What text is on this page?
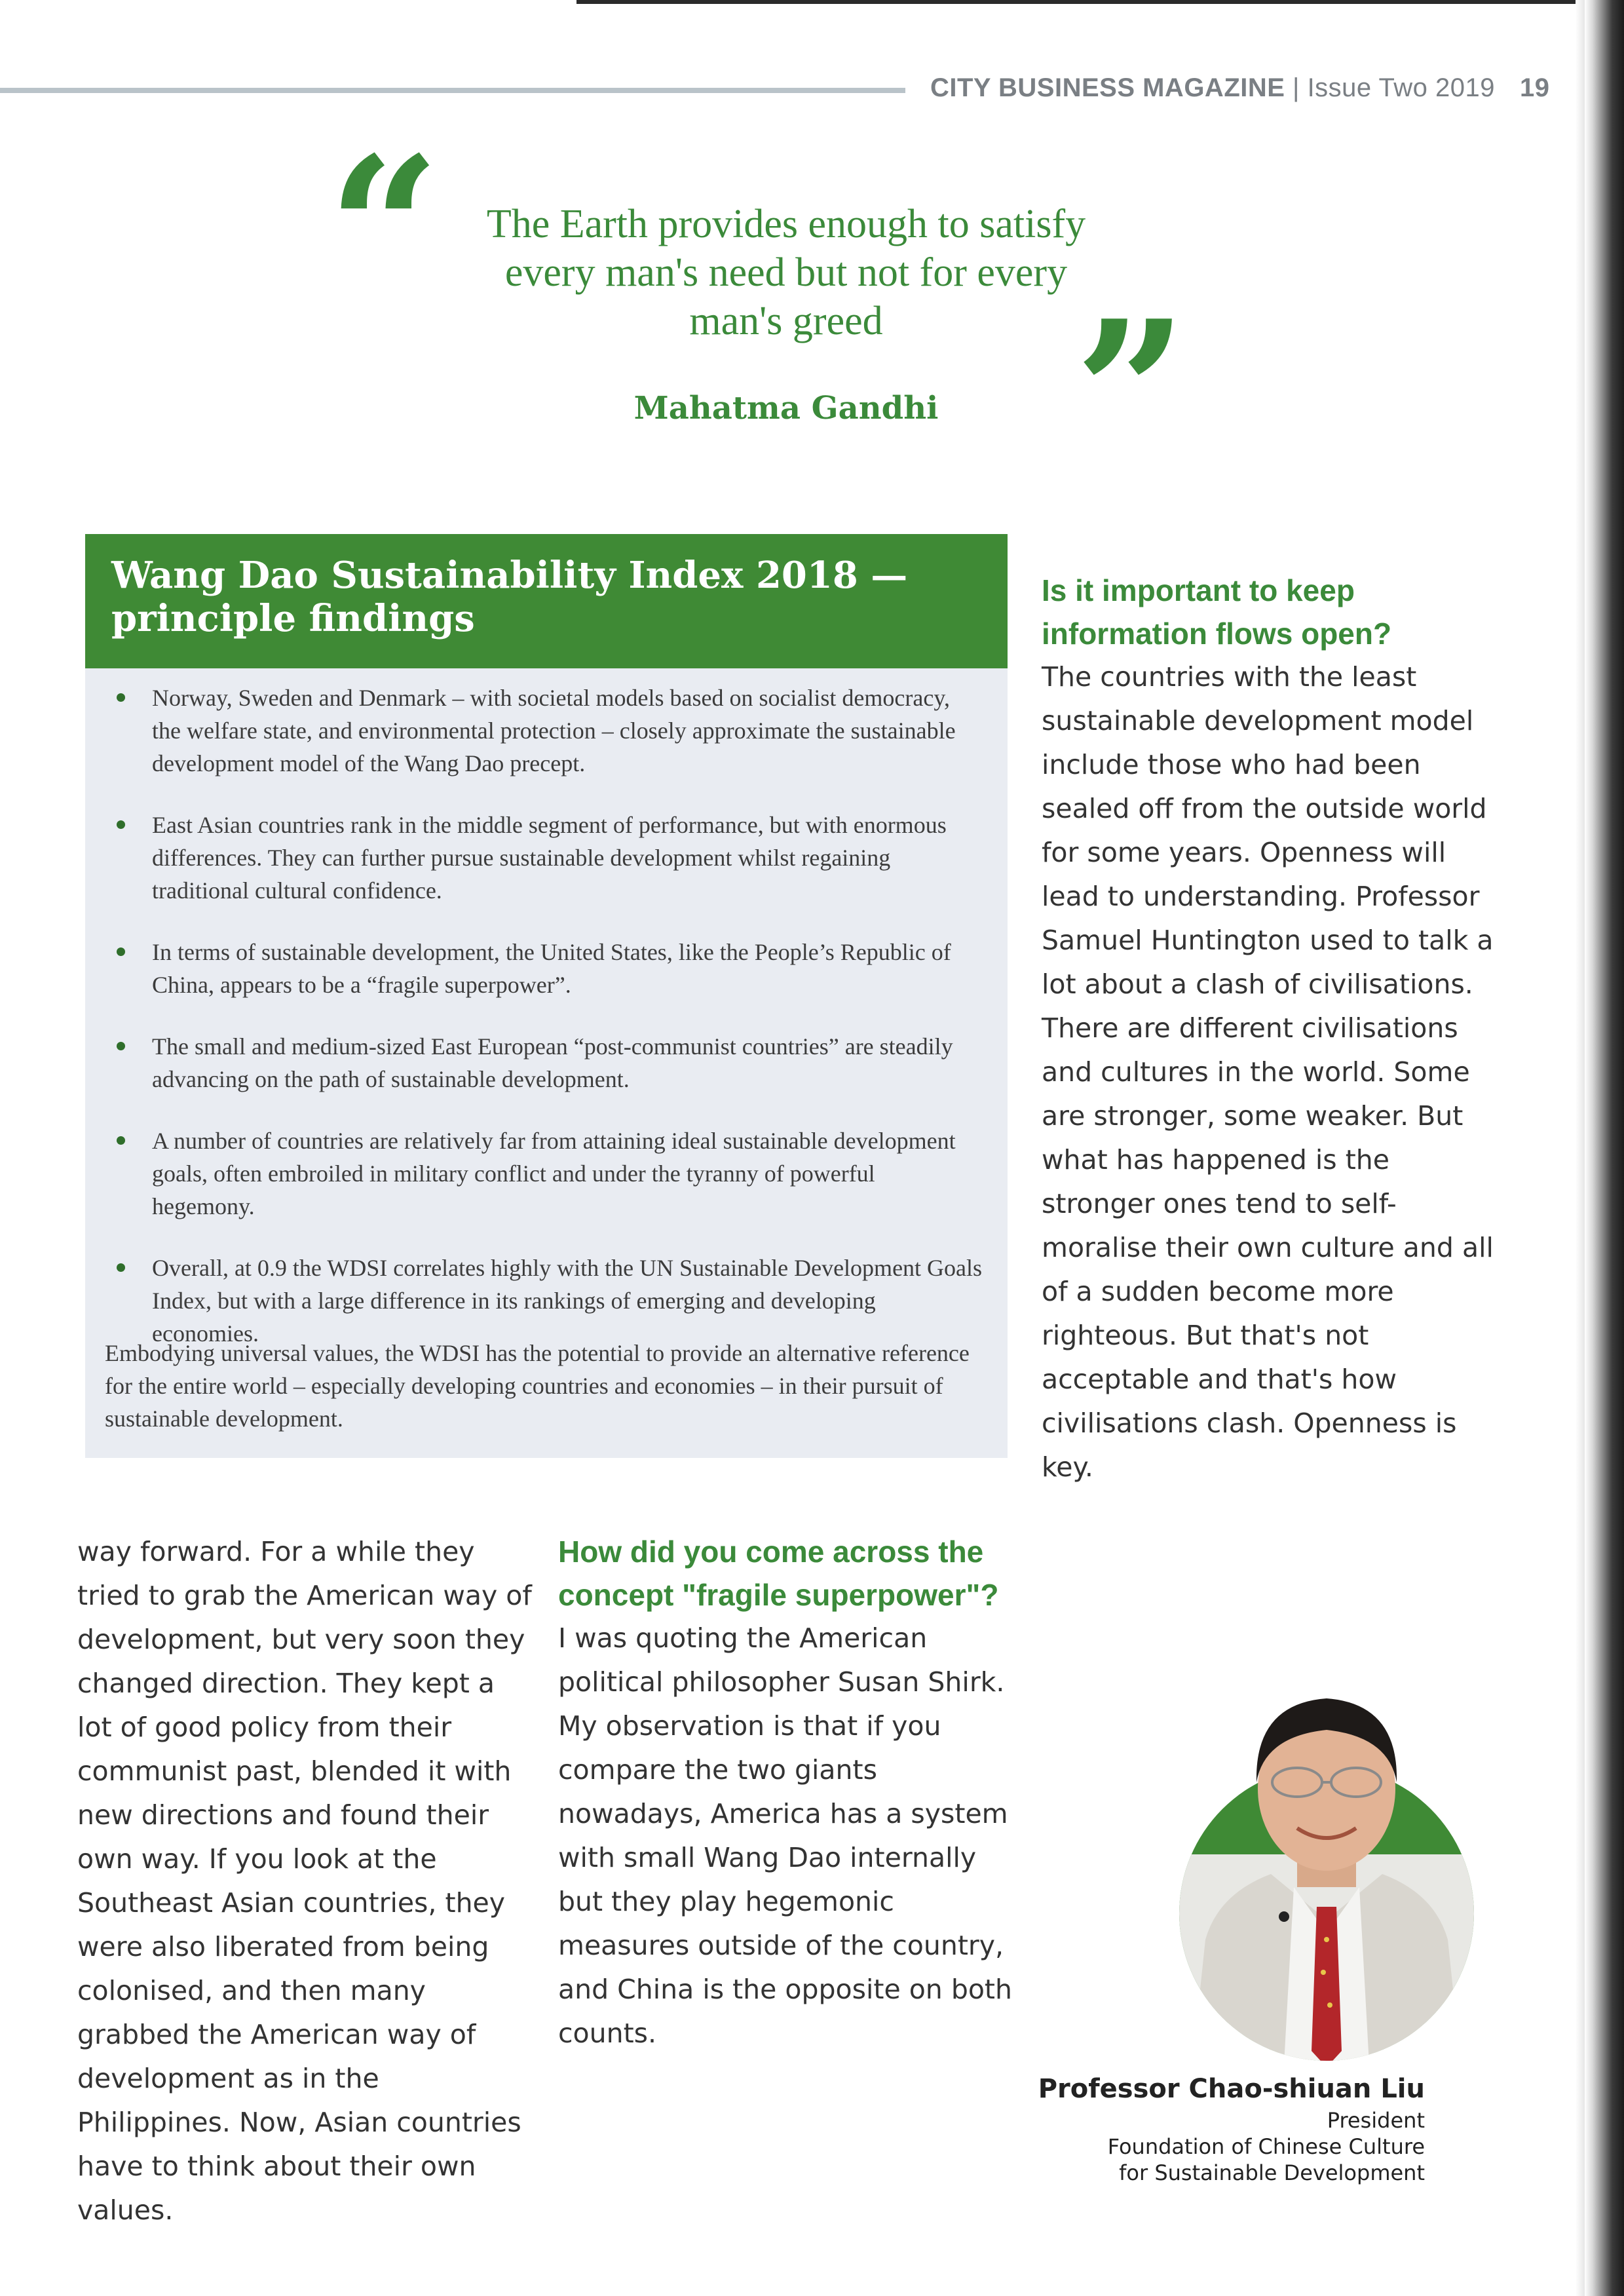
CITY BUSINESS MAGAZINE | Issue Two 2019 19
“	The Earth provides enough to satisfy every man's need but not for every man's greed ”
Mahatma Gandhi
Wang Dao Sustainability Index 2018 — principle findings
Norway, Sweden and Denmark – with societal models based on socialist democracy, the welfare state, and environmental protection – closely approximate the sustainable development model of the Wang Dao precept.
East Asian countries rank in the middle segment of performance, but with enormous differences. They can further pursue sustainable development whilst regaining traditional cultural confidence.
In terms of sustainable development, the United States, like the People’s Republic of China, appears to be a “fragile superpower”.
The small and medium-sized East European “post-communist countries” are steadily advancing on the path of sustainable development.
A number of countries are relatively far from attaining ideal sustainable development goals, often embroiled in military conflict and under the tyranny of powerful hegemony.
Overall, at 0.9 the WDSI correlates highly with the UN Sustainable Development Goals Index, but with a large difference in its rankings of emerging and developing economies.
Embodying universal values, the WDSI has the potential to provide an alternative reference for the entire world – especially developing countries and economies – in their pursuit of sustainable development.
Is it important to keep information flows open?

The countries with the least sustainable development model include those who had been sealed off from the outside world for some years. Openness will lead to understanding. Professor Samuel Huntington used to talk a lot about a clash of civilisations. There are different civilisations and cultures in the world. Some are stronger, some weaker. But what has happened is the stronger ones tend to self-moralise their own culture and all of a sudden become more righteous. But that's not acceptable and that's how civilisations clash. Openness is key.

way forward. For a while they tried to grab the American way of development, but very soon they changed direction. They kept a lot of good policy from their communist past, blended it with new directions and found their own way. If you look at the Southeast Asian countries, they were also liberated from being colonised, and then many grabbed the American way of development as in the Philippines. Now, Asian countries have to think about their own values.

How did you come across the concept "fragile superpower"?

I was quoting the American political philosopher Susan Shirk. My observation is that if you compare the two giants nowadays, America has a system with small Wang Dao internally but they play hegemonic measures outside of the country, and China is the opposite on both counts.

Professor Chao-shiuan Liu
President
Foundation of Chinese Culture
for Sustainable Development
